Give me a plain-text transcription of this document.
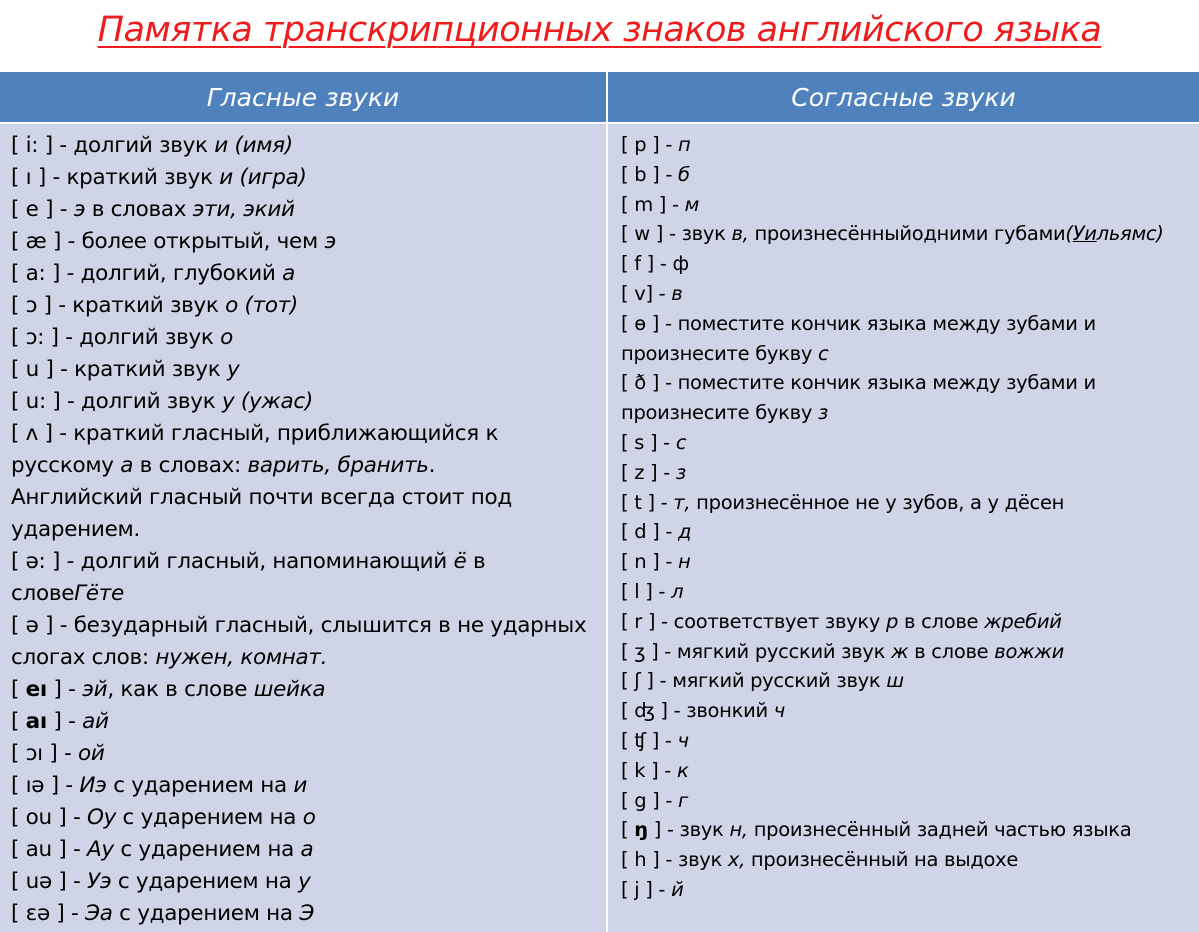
Памятка транскрипционных знаков английского языка
Гласные звуки	Согласные звуки
[ i: ] - долгий звук и (имя)
[ ı ] - краткий звук и (игра)
[ е ] - э в словах эти, экий
[ æ ] - более открытый, чем э
[ a: ] - долгий, глубокий а
[ ɔ ] - краткий звук о (тот)
[ ɔ: ] - долгий звук о
[ u ] - краткий звук у
[ u: ] - долгий звук у (ужас)
[ ʌ ] - краткий гласный, приближающийся к
русскому а в словах: варить, бранить.
Английский гласный почти всегда стоит под
ударением.
[ ə: ] - долгий гласный, напоминающий ё в
словеГёте
[ ə ] - безударный гласный, слышится в не ударных
слогах слов: нужен, комнат.
[ eı ] - эй, как в слове шейка
[ aı ] - ай
[ ɔı ] - ой
[ ıə ] - Иэ с ударением на и
[ ou ] - Оу с ударением на о
[ au ] - Ау с ударением на а
[ uə ] - Уэ с ударением на у
[ ɛə ] - Эа с ударением на Э
[ p ] - п
[ b ] - б
[ m ] - м
[ w ] - звук в, произнесённыйодними губами(Уильямс)
[ f ] - ф
[ v] - в
[ ɵ ] - поместите кончик языка между зубами и
произнесите букву с
[ ð ] - поместите кончик языка между зубами и
произнесите букву з
[ s ] - с
[ z ] - з
[ t ] - т, произнесённое не у зубов, а у дёсен
[ d ] - д
[ n ] - н
[ l ] - л
[ r ] - соответствует звуку р в слове жребий
[ ʒ ] - мягкий русский звук ж в слове вожжи
[ ʃ ] - мягкий русский звук ш
[ ʤ ] - звонкий ч
[ ʧ ] - ч
[ k ] - к
[ g ] - г
[ ŋ ] - звук н, произнесённый задней частью языка
[ h ] - звук х, произнесённый на выдохе
[ j ] - й
